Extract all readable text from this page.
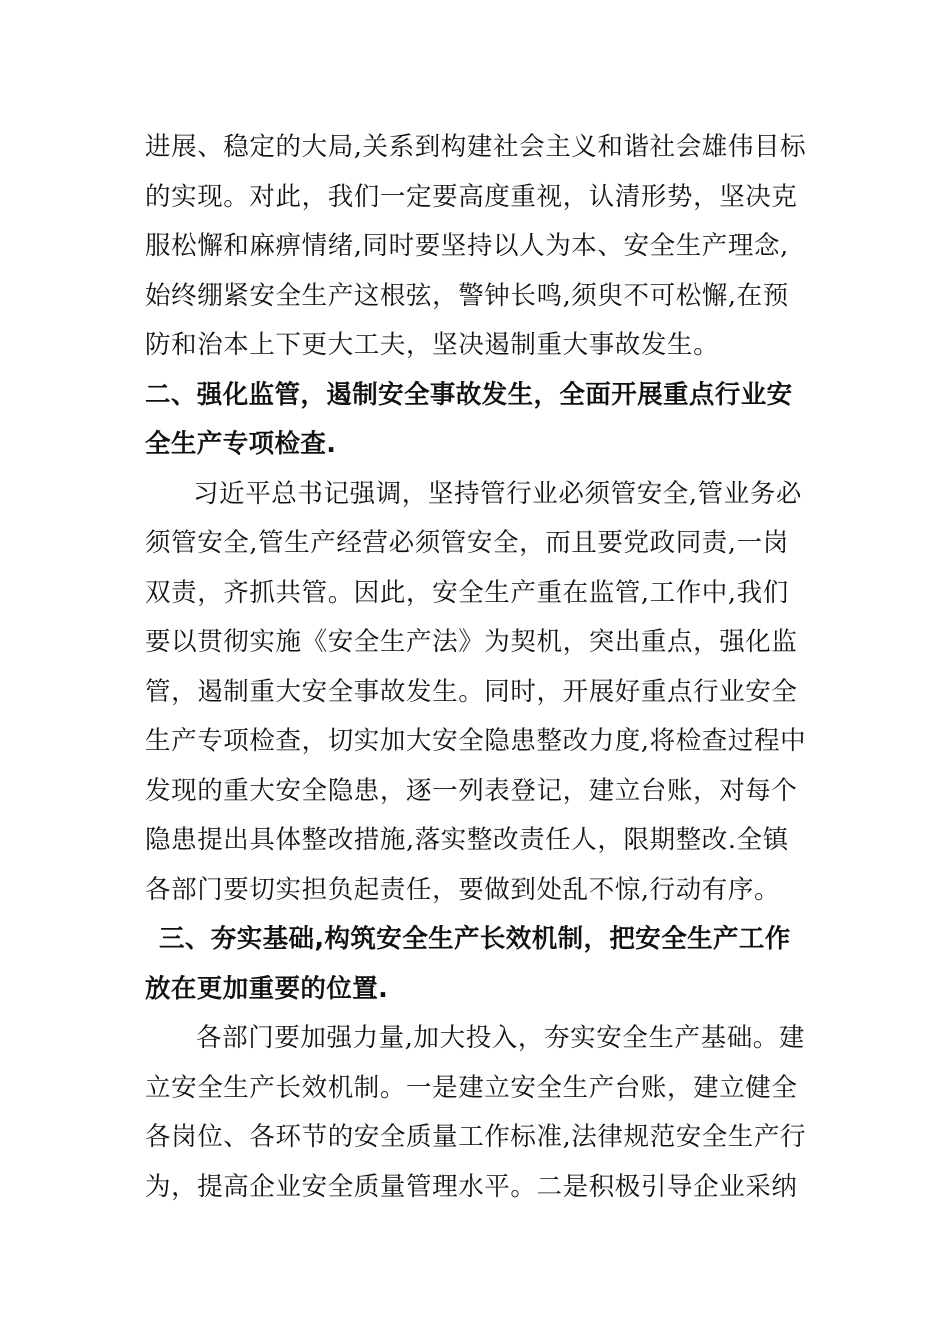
进展、稳定的大局,关系到构建社会主义和谐社会雄伟目标
的实现。对此，我们一定要高度重视，认清形势，坚决克
服松懈和麻痹情绪,同时要坚持以人为本、安全生产理念,
始终绷紧安全生产这根弦，警钟长鸣,须臾不可松懈,在预
防和治本上下更大工夫，坚决遏制重大事故发生。
二、强化监管，遏制安全事故发生，全面开展重点行业安
全生产专项检查.
习近平总书记强调，坚持管行业必须管安全,管业务必
须管安全,管生产经营必须管安全，而且要党政同责,一岗
双责，齐抓共管。因此，安全生产重在监管,工作中,我们
要以贯彻实施《安全生产法》为契机，突出重点，强化监
管，遏制重大安全事故发生。同时，开展好重点行业安全
生产专项检查，切实加大安全隐患整改力度,将检查过程中
发现的重大安全隐患，逐一列表登记，建立台账，对每个
隐患提出具体整改措施,落实整改责任人，限期整改.全镇
各部门要切实担负起责任，要做到处乱不惊,行动有序。
三、夯实基础,构筑安全生产长效机制，把安全生产工作
放在更加重要的位置.
各部门要加强力量,加大投入，夯实安全生产基础。建
立安全生产长效机制。一是建立安全生产台账，建立健全
各岗位、各环节的安全质量工作标准,法律规范安全生产行
为，提高企业安全质量管理水平。二是积极引导企业采纳
